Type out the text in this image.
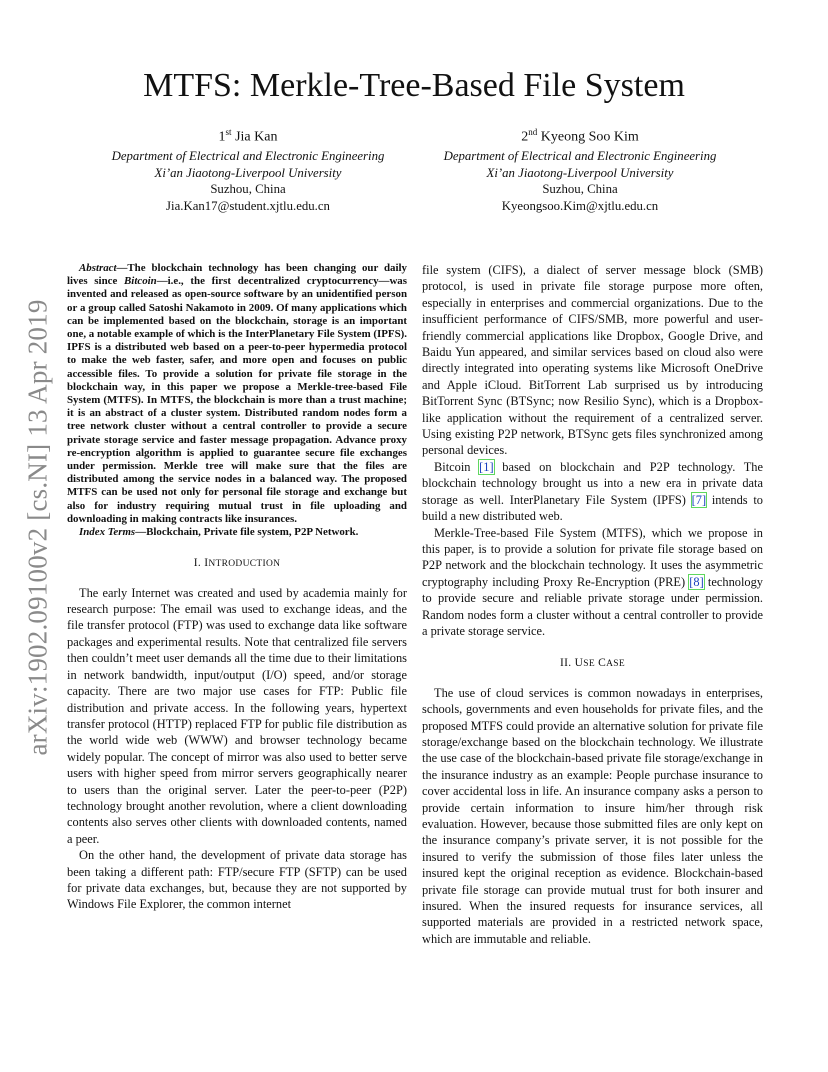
arXiv:1902.09100v2 [cs.NI] 13 Apr 2019
MTFS: Merkle-Tree-Based File System
1st Jia Kan
Department of Electrical and Electronic Engineering
Xi’an Jiaotong-Liverpool University
Suzhou, China
Jia.Kan17@student.xjtlu.edu.cn
2nd Kyeong Soo Kim
Department of Electrical and Electronic Engineering
Xi’an Jiaotong-Liverpool University
Suzhou, China
Kyeongsoo.Kim@xjtlu.edu.cn

Abstract—The blockchain technology has been changing our daily lives since Bitcoin—i.e., the first decentralized cryptocurrency—was invented and released as open-source software by an unidentified person or a group called Satoshi Nakamoto in 2009. Of many applications which can be implemented based on the blockchain, storage is an important one, a notable example of which is the InterPlanetary File System (IPFS). IPFS is a distributed web based on a peer-to-peer hypermedia protocol to make the web faster, safer, and more open and focuses on public accessible files. To provide a solution for private file storage in the blockchain way, in this paper we propose a Merkle-tree-based File System (MTFS). In MTFS, the blockchain is more than a trust machine; it is an abstract of a cluster system. Distributed random nodes form a tree network cluster without a central controller to provide a secure private storage service and faster message propagation. Advance proxy re-encryption algorithm is applied to guarantee secure file exchanges under permission. Merkle tree will make sure that the files are distributed among the service nodes in a balanced way. The proposed MTFS can be used not only for personal file storage and exchange but also for industry requiring mutual trust in file uploading and downloading in making contracts like insurances.

Index Terms—Blockchain, Private file system, P2P Network.

I. INTRODUCTION

The early Internet was created and used by academia mainly for research purpose: The email was used to exchange ideas, and the file transfer protocol (FTP) was used to exchange data like software packages and experimental results. Note that centralized file servers then couldn’t meet user demands all the time due to their limitations in network bandwidth, input/output (I/O) speed, and/or storage capacity. There are two major use cases for FTP: Public file distribution and private access. In the following years, hypertext transfer protocol (HTTP) replaced FTP for public file distribution as the world wide web (WWW) and browser technology became widely popular. The concept of mirror was also used to better serve users with higher speed from mirror servers geographically nearer to users than the original server. Later the peer-to-peer (P2P) technology brought another revolution, where a client downloading contents also serves other clients with downloaded contents, named a peer.

On the other hand, the development of private data storage has been taking a different path: FTP/secure FTP (SFTP) can be used for private data exchanges, but, because they are not supported by Windows File Explorer, the common internet

file system (CIFS), a dialect of server message block (SMB) protocol, is used in private file storage purpose more often, especially in enterprises and commercial organizations. Due to the insufficient performance of CIFS/SMB, more powerful and user-friendly commercial applications like Dropbox, Google Drive, and Baidu Yun appeared, and similar services based on cloud also were directly integrated into operating systems like Microsoft OneDrive and Apple iCloud. BitTorrent Lab surprised us by introducing BitTorrent Sync (BTSync; now Resilio Sync), which is a Dropbox-like application without the requirement of a centralized server. Using existing P2P network, BTSync gets files synchronized among personal devices.

Bitcoin [1] based on blockchain and P2P technology. The blockchain technology brought us into a new era in private data storage as well. InterPlanetary File System (IPFS) [7] intends to build a new distributed web.

Merkle-Tree-based File System (MTFS), which we propose in this paper, is to provide a solution for private file storage based on P2P network and the blockchain technology. It uses the asymmetric cryptography including Proxy Re-Encryption (PRE) [8] technology to provide secure and reliable private storage under permission. Random nodes form a cluster without a central controller to provide a private storage service.

II. USE CASE

The use of cloud services is common nowadays in enterprises, schools, governments and even households for private files, and the proposed MTFS could provide an alternative solution for private file storage/exchange based on the blockchain technology. We illustrate the use case of the blockchain-based private file storage/exchange in the insurance industry as an example: People purchase insurance to cover accidental loss in life. An insurance company asks a person to provide certain information to insure him/her through risk evaluation. However, because those submitted files are only kept on the insurance company’s private server, it is not possible for the insured to verify the submission of those files later unless the insured kept the original reception as evidence. Blockchain-based private file storage can provide mutual trust for both insurer and insured. When the insured requests for insurance services, all supported materials are provided in a restricted network space, which are immutable and reliable.
